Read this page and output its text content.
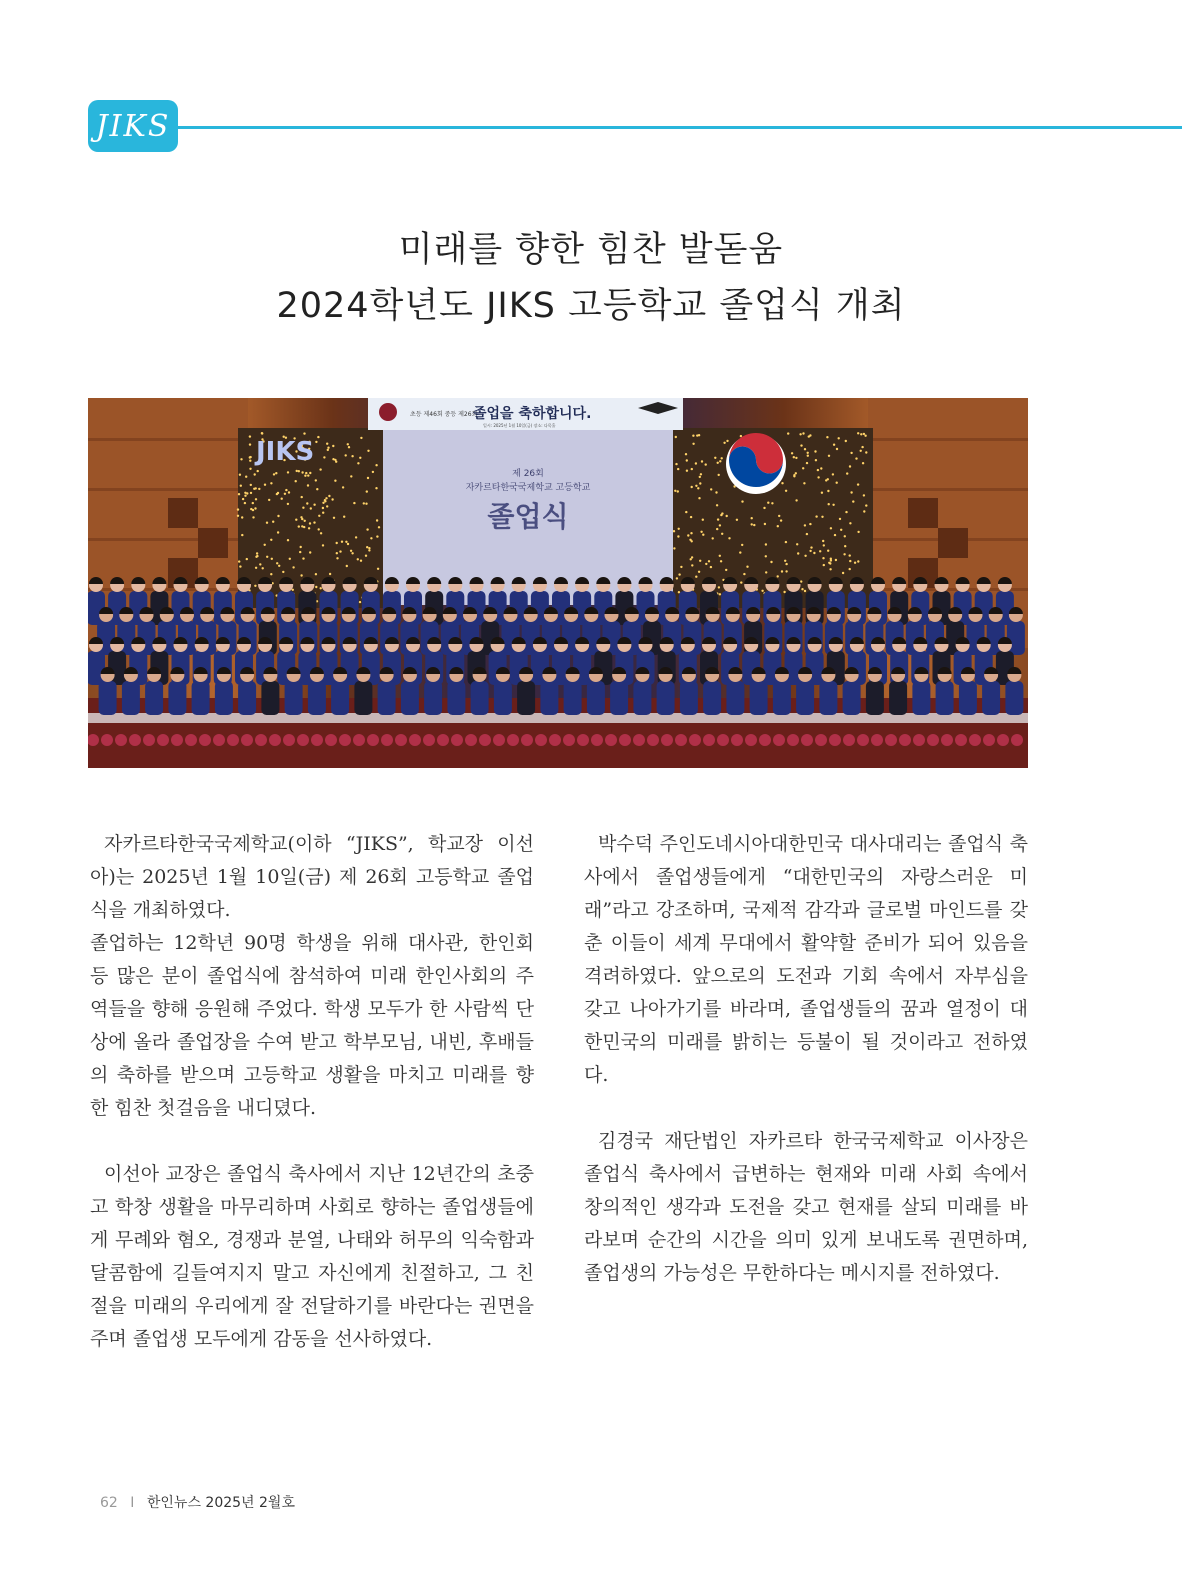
JIKS
미래를 향한 힘찬 발돋움
2024학년도 JIKS 고등학교 졸업식 개최
초등 제46회 중등 제26회
졸업을 축하합니다.
일시: 2025년 1월 10일(금) 장소: 다목홀
제 26회
자카르타한국국제학교 고등학교
졸업식
JIKS

자카르타한국국제학교(이하 “JIKS”, 학교장 이선아)는 2025년 1월 10일(금) 제 26회 고등학교 졸업식을 개최하였다.
졸업하는 12학년 90명 학생을 위해 대사관, 한인회 등 많은 분이 졸업식에 참석하여 미래 한인사회의 주역들을 향해 응원해 주었다. 학생 모두가 한 사람씩 단상에 올라 졸업장을 수여 받고 학부모님, 내빈, 후배들의 축하를 받으며 고등학교 생활을 마치고 미래를 향한 힘찬 첫걸음을 내디뎠다.

이선아 교장은 졸업식 축사에서 지난 12년간의 초중고 학창 생활을 마무리하며 사회로 향하는 졸업생들에게 무례와 혐오, 경쟁과 분열, 나태와 허무의 익숙함과 달콤함에 길들여지지 말고 자신에게 친절하고, 그 친절을 미래의 우리에게 잘 전달하기를 바란다는 권면을 주며 졸업생 모두에게 감동을 선사하였다.

박수덕 주인도네시아대한민국 대사대리는 졸업식 축사에서 졸업생들에게 “대한민국의 자랑스러운 미래”라고 강조하며, 국제적 감각과 글로벌 마인드를 갖춘 이들이 세계 무대에서 활약할 준비가 되어 있음을 격려하였다. 앞으로의 도전과 기회 속에서 자부심을 갖고 나아가기를 바라며, 졸업생들의 꿈과 열정이 대한민국의 미래를 밝히는 등불이 될 것이라고 전하였다.

김경국 재단법인 자카르타 한국국제학교 이사장은 졸업식 축사에서 급변하는 현재와 미래 사회 속에서 창의적인 생각과 도전을 갖고 현재를 살되 미래를 바라보며 순간의 시간을 의미 있게 보내도록 권면하며, 졸업생의 가능성은 무한하다는 메시지를 전하였다.

62 I 한인뉴스 2025년 2월호
